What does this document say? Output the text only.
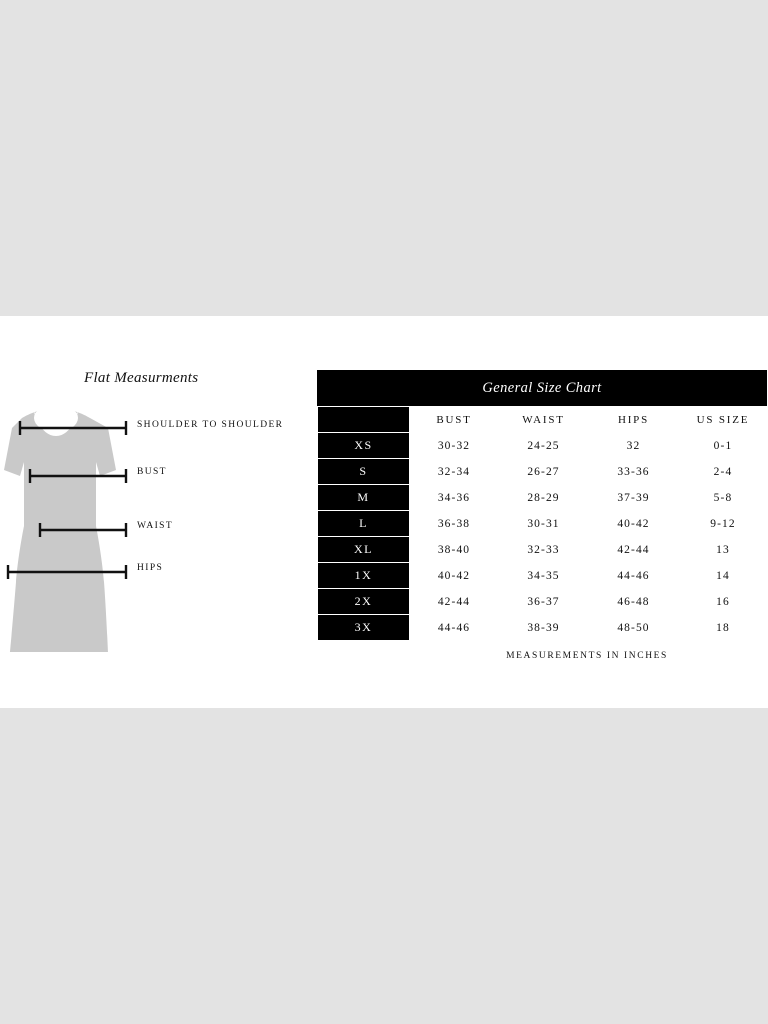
Flat Measurments
SHOULDER TO SHOULDER
BUST
WAIST
HIPS
General Size Chart
	BUST	WAIST	HIPS	US SIZE
XS	30-32	24-25	32	0-1
S	32-34	26-27	33-36	2-4
M	34-36	28-29	37-39	5-8
L	36-38	30-31	40-42	9-12
XL	38-40	32-33	42-44	13
1X	40-42	34-35	44-46	14
2X	42-44	36-37	46-48	16
3X	44-46	38-39	48-50	18
MEASUREMENTS IN INCHES
